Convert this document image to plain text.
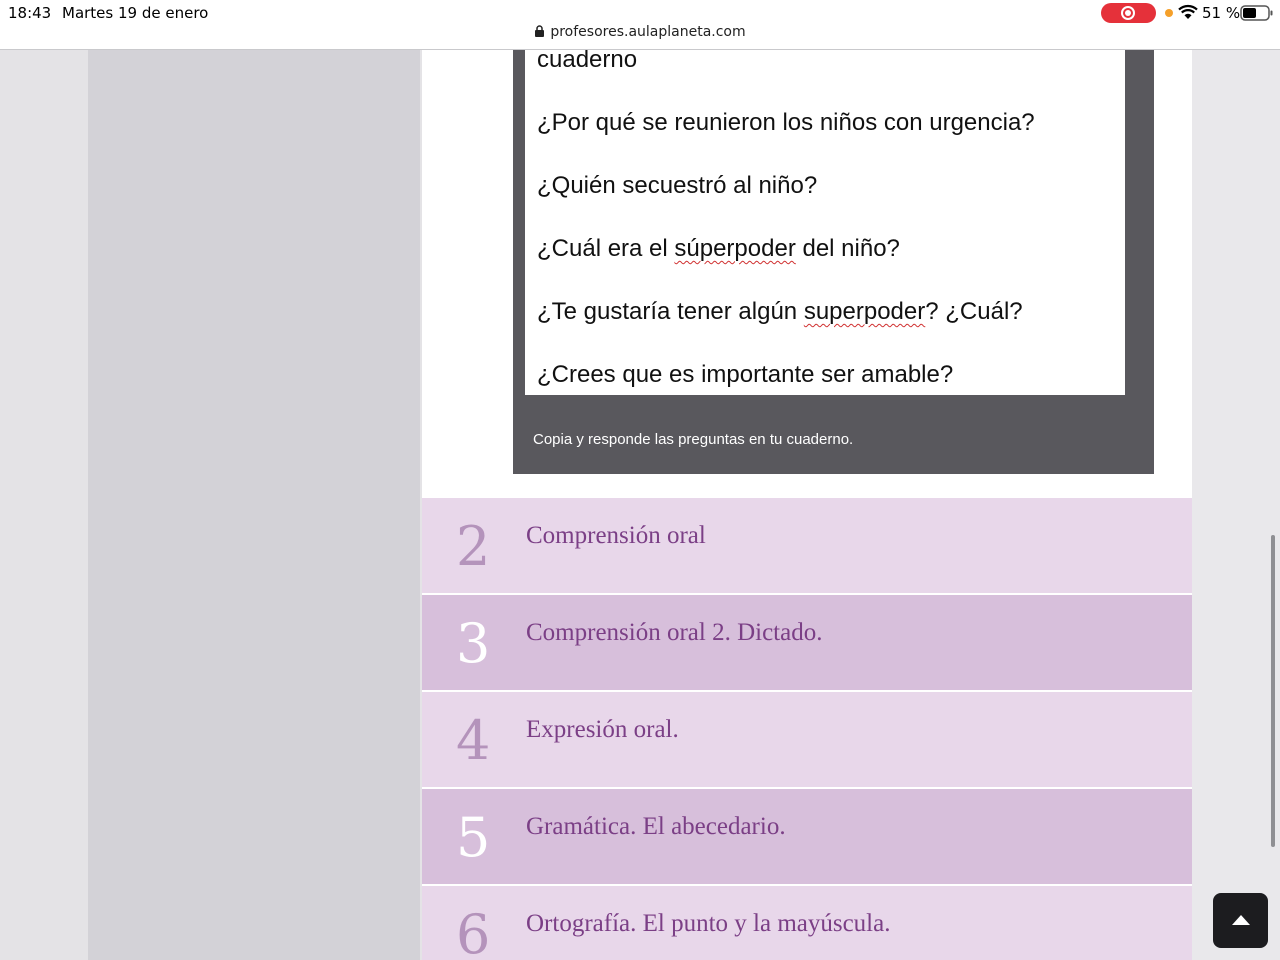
18:43 Martes 19 de enero	51 %
profesores.aulaplaneta.com
cuaderno
¿Por qué se reunieron los niños con urgencia?
¿Quién secuestró al niño?
¿Cuál era el súperpoder del niño?
¿Te gustaría tener algún superpoder? ¿Cuál?
¿Crees que es importante ser amable?
Copia y responde las preguntas en tu cuaderno.
2 Comprensión oral
3 Comprensión oral 2. Dictado.
4 Expresión oral.
5 Gramática. El abecedario.
6 Ortografía. El punto y la mayúscula.
